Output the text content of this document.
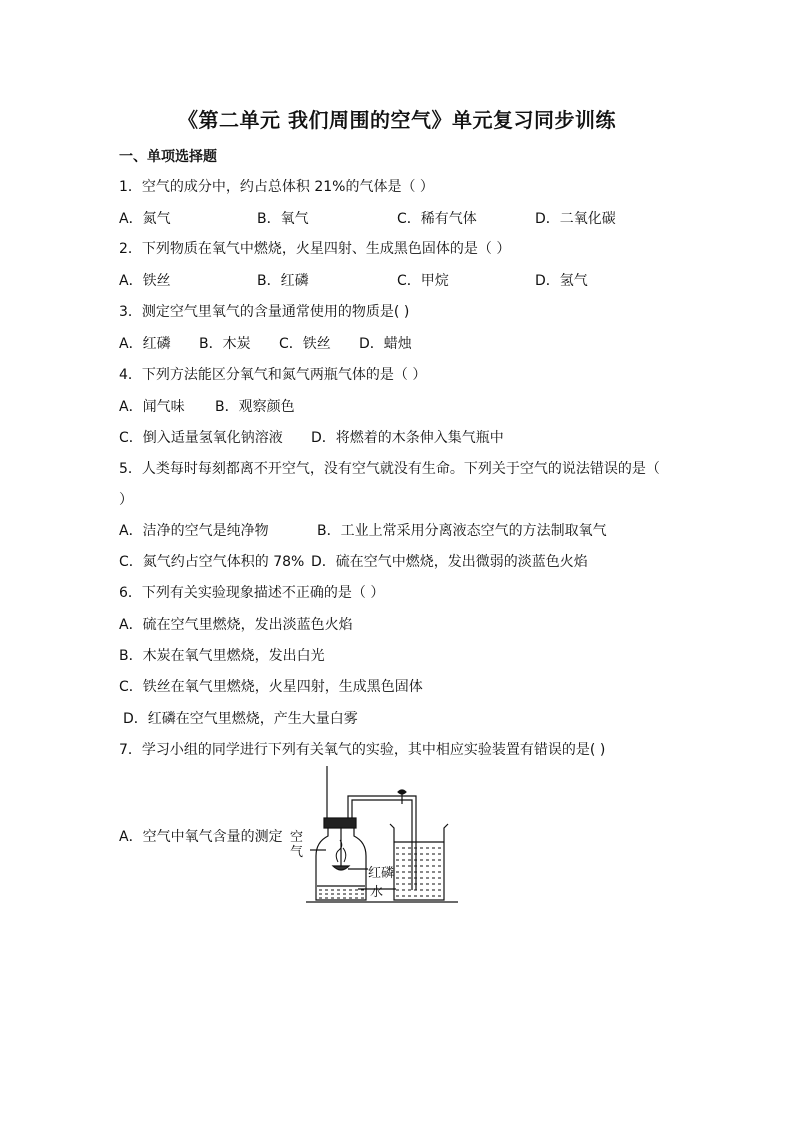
《第二单元 我们周围的空气》单元复习同步训练
一、单项选择题
1．空气的成分中，约占总体积 21%的气体是（ ）
A．氮气	B．氧气	C．稀有气体	D．二氧化碳
2．下列物质在氧气中燃烧，火星四射、生成黑色固体的是（ ）
A．铁丝	B．红磷	C．甲烷	D．氢气
3．测定空气里氧气的含量通常使用的物质是( )
A．红磷 B．木炭 C．铁丝 D．蜡烛
4．下列方法能区分氧气和氮气两瓶气体的是（ ）
A．闻气味 B．观察颜色
C．倒入适量氢氧化钠溶液 D．将燃着的木条伸入集气瓶中
5．人类每时每刻都离不开空气，没有空气就没有生命。下列关于空气的说法错误的是（
）
A．洁净的空气是纯净物	B．工业上常采用分离液态空气的方法制取氧气
C．氮气约占空气体积的 78% D．硫在空气中燃烧，发出微弱的淡蓝色火焰
6．下列有关实验现象描述不正确的是（ ）
A．硫在空气里燃烧，发出淡蓝色火焰
B．木炭在氧气里燃烧，发出白光
C．铁丝在氧气里燃烧，火星四射，生成黑色固体
D．红磷在空气里燃烧，产生大量白雾
7．学习小组的同学进行下列有关氧气的实验，其中相应实验装置有错误的是( )
A．空气中氧气含量的测定 空
气
红磷
水
